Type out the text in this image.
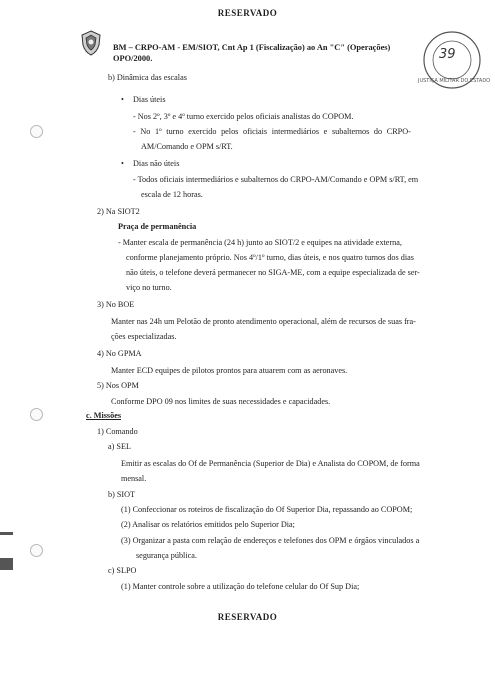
RESERVADO
BM – CRPO-AM - EM/SIOT, Cnt Ap 1 (Fiscalização) ao An "C" (Operações)
OPO/2000.	39
JUSTIÇA MILITAR DO ESTADO
b) Dinâmica das escalas
• Dias úteis
- Nos 2º, 3º e 4º turno exercido pelos oficiais analistas do COPOM.
- No 1º turno exercido pelos oficiais intermediários e subalternos do CRPO-
AM/Comando e OPM s/RT.
• Dias não úteis
- Todos oficiais intermediários e subalternos do CRPO-AM/Comando e OPM s/RT, em
escala de 12 horas.
2) Na SIOT2
Praça de permanência
- Manter escala de permanência (24 h) junto ao SIOT/2 e equipes na atividade externa,
conforme planejamento próprio. Nos 4º/1º turno, dias úteis, e nos quatro turnos dos dias
não úteis, o telefone deverá permanecer no SIGA-ME, com a equipe especializada de ser-
viço no turno.
3) No BOE
Manter nas 24h um Pelotão de pronto atendimento operacional, além de recursos de suas fra-
ções especializadas.
4) No GPMA
Manter ECD equipes de pilotos prontos para atuarem com as aeronaves.
5) Nos OPM
Conforme DPO 09 nos limites de suas necessidades e capacidades.
c. Missões
1) Comando
a) SEL
Emitir as escalas do Of de Permanência (Superior de Dia) e Analista do COPOM, de forma
mensal.
b) SIOT
(1) Confeccionar os roteiros de fiscalização do Of Superior Dia, repassando ao COPOM;
(2) Analisar os relatórios emitidos pelo Superior Dia;
(3) Organizar a pasta com relação de endereços e telefones dos OPM e órgãos vinculados a
segurança pública.
c) SLPO
(1) Manter controle sobre a utilização do telefone celular do Of Sup Dia;
RESERVADO
